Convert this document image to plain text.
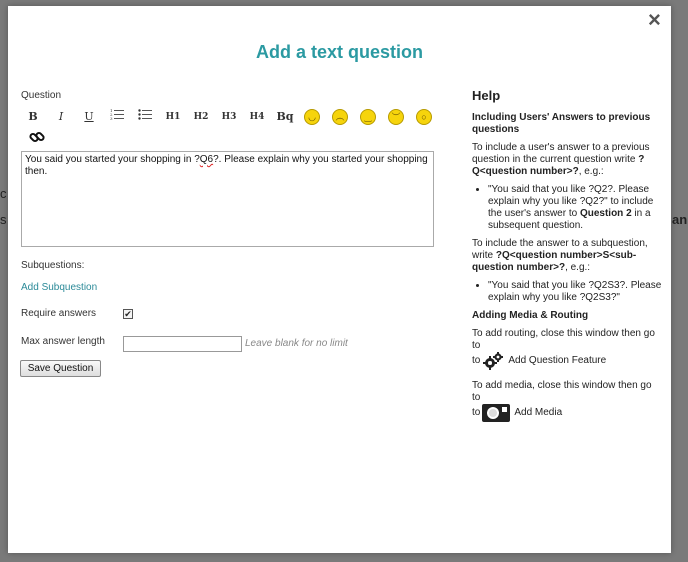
c
s	an
×
Add a text question
Question
B	I	U	1
2
3	H1 H2 H3 H4 Bq	◡	︵	‿	︶	○
You said you started your shopping in ?Q6?. Please explain why you started your shopping then.
Subquestions:
Add Subquestion
Require answers	✔
Max answer length	Leave blank for no limit
Save Question
Help
Including Users' Answers to previous questions

To include a user's answer to a previous question in the current question write ?Q<question number>?, e.g.:

• "You said that you like ?Q2?. Please explain why you like ?Q2?" to include the user's answer to Question 2 in a subsequent question.

To include the answer to a subquestion, write ?Q<question number>S<sub-question number>?, e.g.:

• "You said that you like ?Q2S3?. Please explain why you like ?Q2S3?"
Adding Media & Routing

To add routing, close this window then go to

to	Add Question Feature

To add media, close this window then go to

to	Add Media
